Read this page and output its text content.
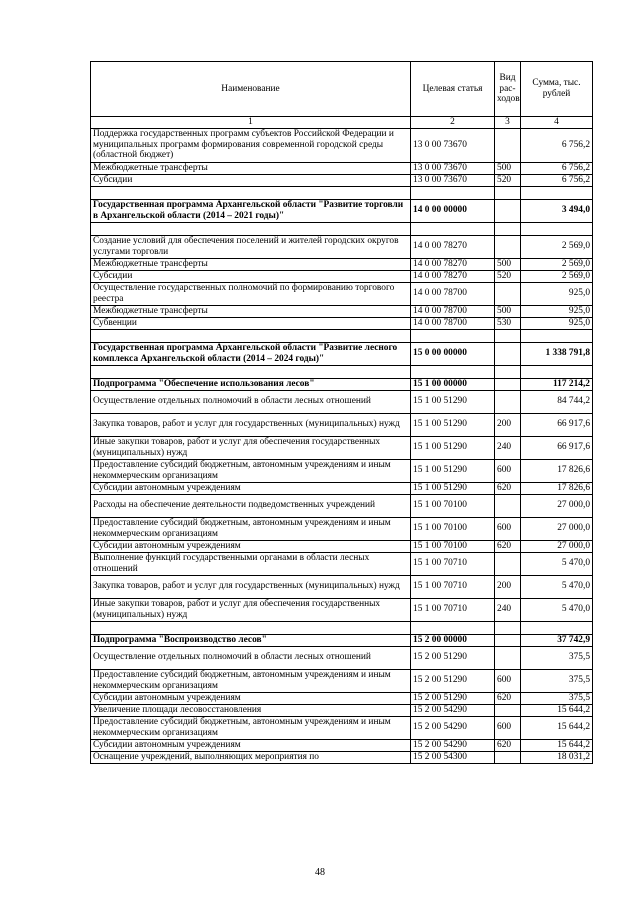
Наименование	Целевая статья	Вид рас-ходов	Сумма, тыс. рублей
1	2	3	4
Поддержка государственных программ субъектов Российской Федерации и муниципальных программ формирования современной городской среды (областной бюджет)	13 0 00 73670		6 756,2
Межбюджетные трансферты	13 0 00 73670	500	6 756,2
Субсидии	13 0 00 73670	520	6 756,2

Государственная программа Архангельской области "Развитие торговли в Архангельской области (2014 – 2021 годы)"	14 0 00 00000		3 494,0

Создание условий для обеспечения поселений и жителей городских округов услугами торговли	14 0 00 78270		2 569,0
Межбюджетные трансферты	14 0 00 78270	500	2 569,0
Субсидии	14 0 00 78270	520	2 569,0
Осуществление государственных полномочий по формированию торгового реестра	14 0 00 78700		925,0
Межбюджетные трансферты	14 0 00 78700	500	925,0
Субвенции	14 0 00 78700	530	925,0

Государственная программа Архангельской области "Развитие лесного комплекса Архангельской области (2014 – 2024 годы)"	15 0 00 00000		1 338 791,8

Подпрограмма "Обеспечение использования лесов"	15 1 00 00000		117 214,2
Осуществление отдельных полномочий в области лесных отношений	15 1 00 51290		84 744,2
Закупка товаров, работ и услуг для государственных (муниципальных) нужд	15 1 00 51290	200	66 917,6
Иные закупки товаров, работ и услуг для обеспечения государственных (муниципальных) нужд	15 1 00 51290	240	66 917,6
Предоставление субсидий бюджетным, автономным учреждениям и иным некоммерческим организациям	15 1 00 51290	600	17 826,6
Субсидии автономным учреждениям	15 1 00 51290	620	17 826,6
Расходы на обеспечение деятельности подведомственных учреждений	15 1 00 70100		27 000,0
Предоставление субсидий бюджетным, автономным учреждениям и иным некоммерческим организациям	15 1 00 70100	600	27 000,0
Субсидии автономным учреждениям	15 1 00 70100	620	27 000,0
Выполнение функций государственными органами в области лесных отношений	15 1 00 70710		5 470,0
Закупка товаров, работ и услуг для государственных (муниципальных) нужд	15 1 00 70710	200	5 470,0
Иные закупки товаров, работ и услуг для обеспечения государственных (муниципальных) нужд	15 1 00 70710	240	5 470,0

Подпрограмма "Воспроизводство лесов"	15 2 00 00000		37 742,9
Осуществление отдельных полномочий в области лесных отношений	15 2 00 51290		375,5
Предоставление субсидий бюджетным, автономным учреждениям и иным некоммерческим организациям	15 2 00 51290	600	375,5
Субсидии автономным учреждениям	15 2 00 51290	620	375,5
Увеличение площади лесовосстановления	15 2 00 54290		15 644,2
Предоставление субсидий бюджетным, автономным учреждениям и иным некоммерческим организациям	15 2 00 54290	600	15 644,2
Субсидии автономным учреждениям	15 2 00 54290	620	15 644,2
Оснащение учреждений, выполняющих мероприятия по	15 2 00 54300		18 031,2
48
